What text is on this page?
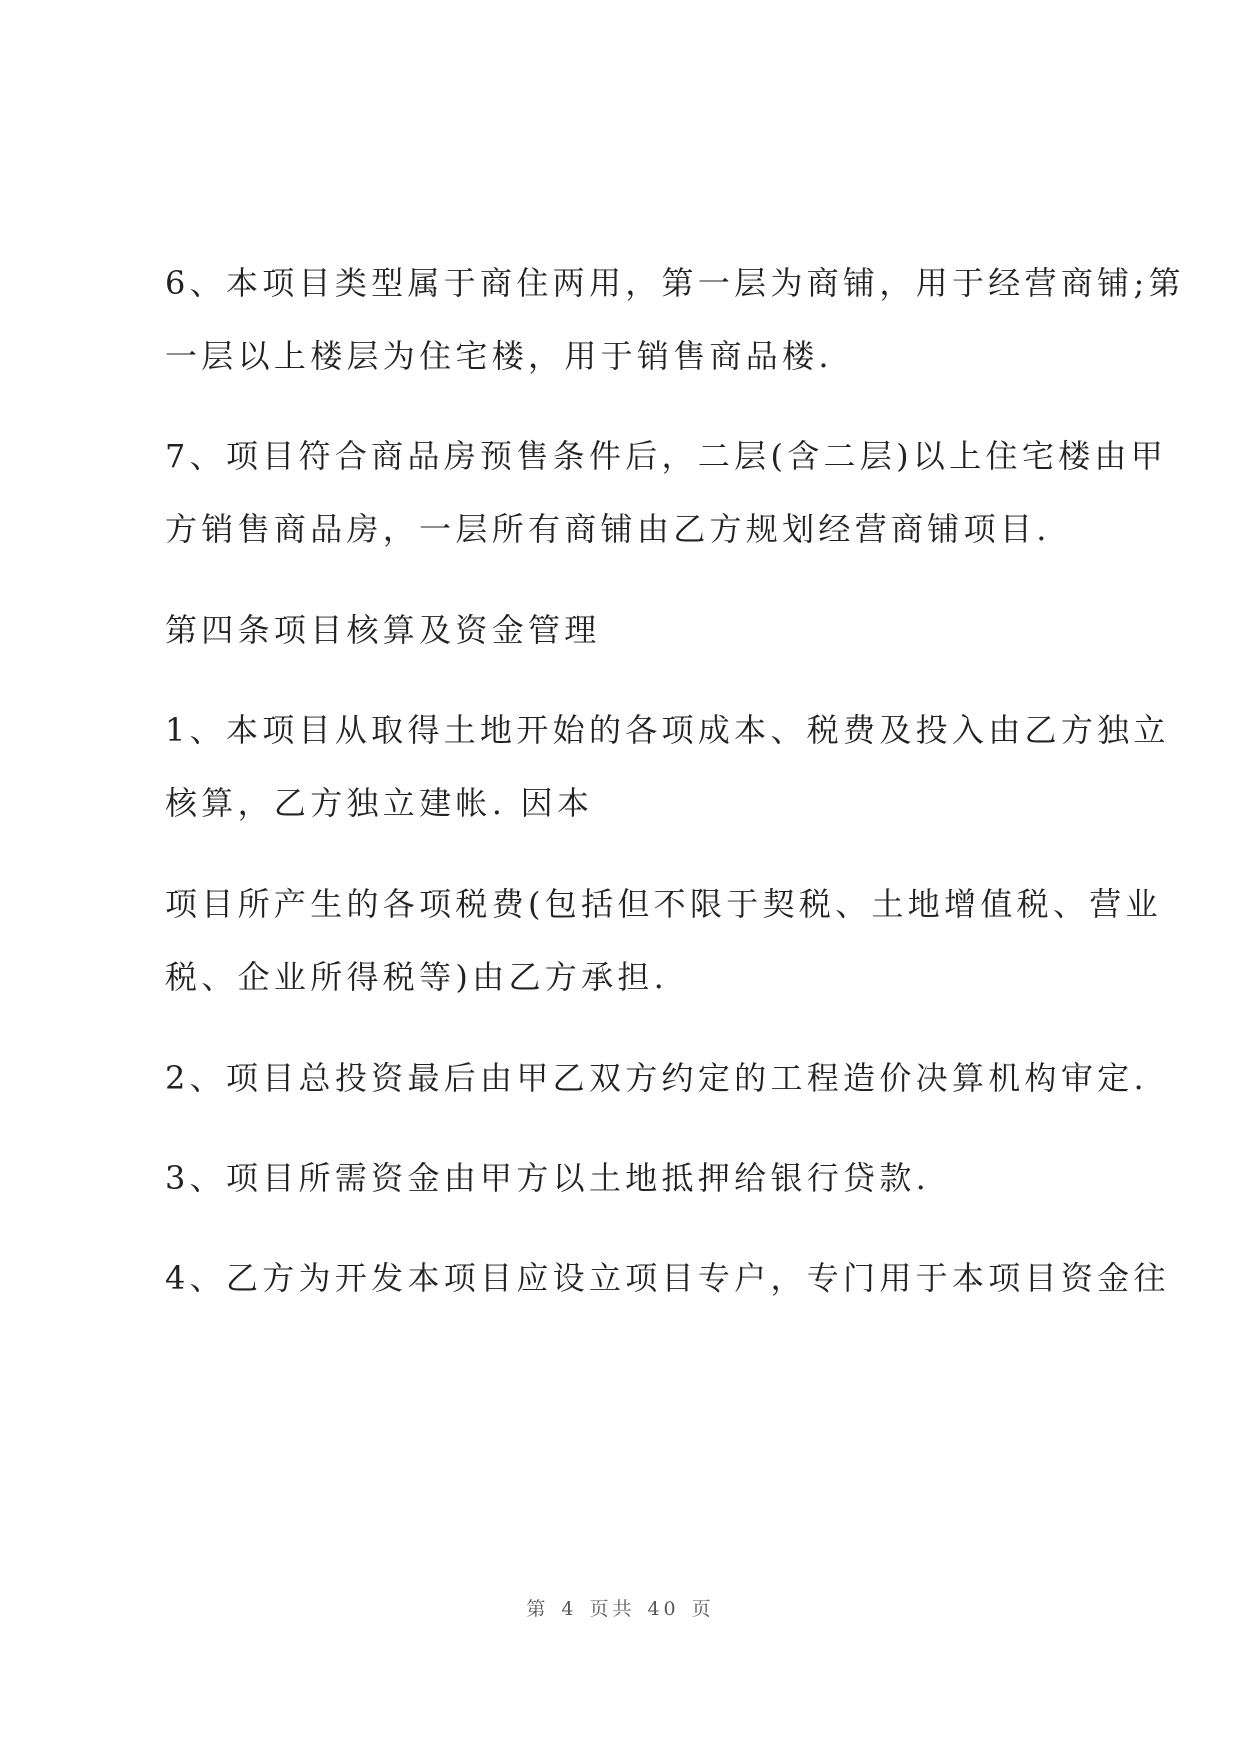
6、本项目类型属于商住两用，第一层为商铺，用于经营商铺;第
一层以上楼层为住宅楼，用于销售商品楼.

7、项目符合商品房预售条件后，二层(含二层)以上住宅楼由甲
方销售商品房，一层所有商铺由乙方规划经营商铺项目.

第四条项目核算及资金管理

1、本项目从取得土地开始的各项成本、税费及投入由乙方独立
核算，乙方独立建帐. 因本

项目所产生的各项税费(包括但不限于契税、土地增值税、营业
税、企业所得税等)由乙方承担.

2、项目总投资最后由甲乙双方约定的工程造价决算机构审定.

3、项目所需资金由甲方以土地抵押给银行贷款.

4、乙方为开发本项目应设立项目专户，专门用于本项目资金往

第 4 页共 40 页
